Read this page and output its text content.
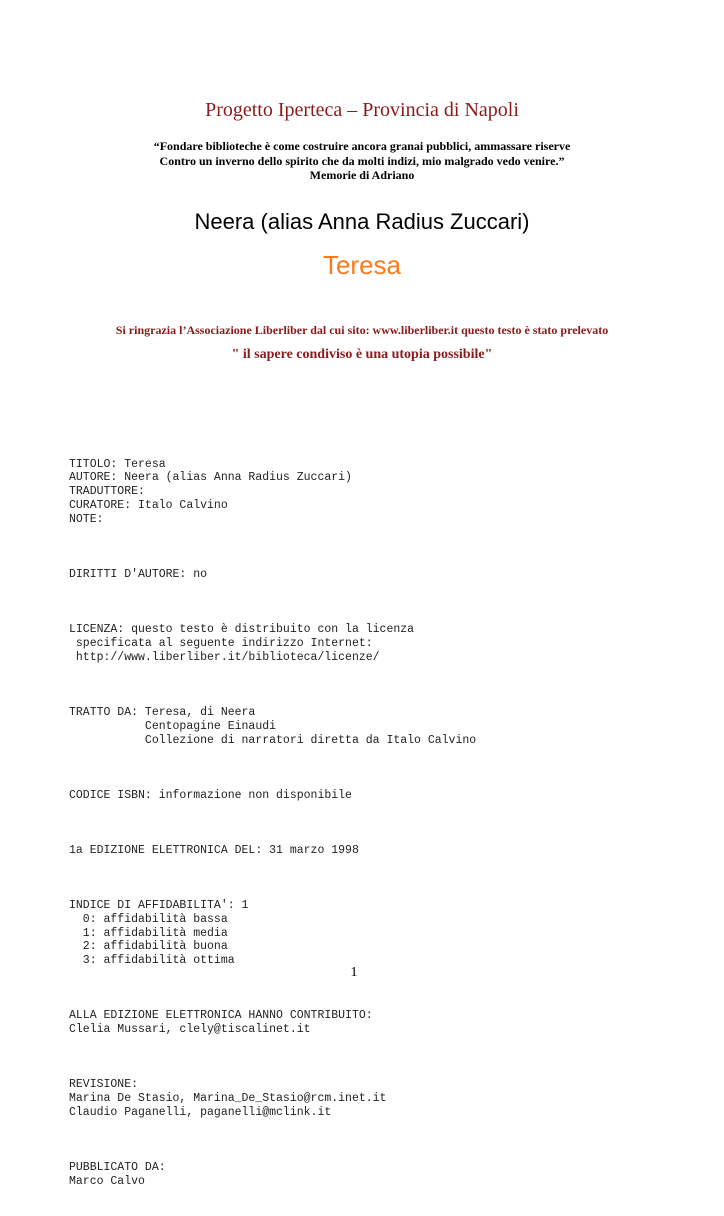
Progetto Iperteca – Provincia di Napoli
“Fondare biblioteche è come costruire ancora granai pubblici, ammassare riserve
Contro un inverno dello spirito che da molti indizi, mio malgrado vedo venire.”
Memorie di Adriano
Neera (alias Anna Radius Zuccari)
Teresa
Si ringrazia l’Associazione Liberliber dal cui sito: www.liberliber.it questo testo è stato prelevato
" il sapere condiviso è una utopia possibile"

TITOLO: Teresa
AUTORE: Neera (alias Anna Radius Zuccari)
TRADUTTORE:
CURATORE: Italo Calvino
NOTE:

DIRITTI D'AUTORE: no

LICENZA: questo testo è distribuito con la licenza
specificata al seguente indirizzo Internet:
http://www.liberliber.it/biblioteca/licenze/

TRATTO DA: Teresa, di Neera
Centopagine Einaudi
Collezione di narratori diretta da Italo Calvino

CODICE ISBN: informazione non disponibile

1a EDIZIONE ELETTRONICA DEL: 31 marzo 1998

INDICE DI AFFIDABILITA': 1
0: affidabilità bassa
1: affidabilità media
2: affidabilità buona
3: affidabilità ottima

ALLA EDIZIONE ELETTRONICA HANNO CONTRIBUITO:
Clelia Mussari, clely@tiscalinet.it

REVISIONE:
Marina De Stasio, Marina_De_Stasio@rcm.inet.it
Claudio Paganelli, paganelli@mclink.it

PUBBLICATO DA:
Marco Calvo

1
